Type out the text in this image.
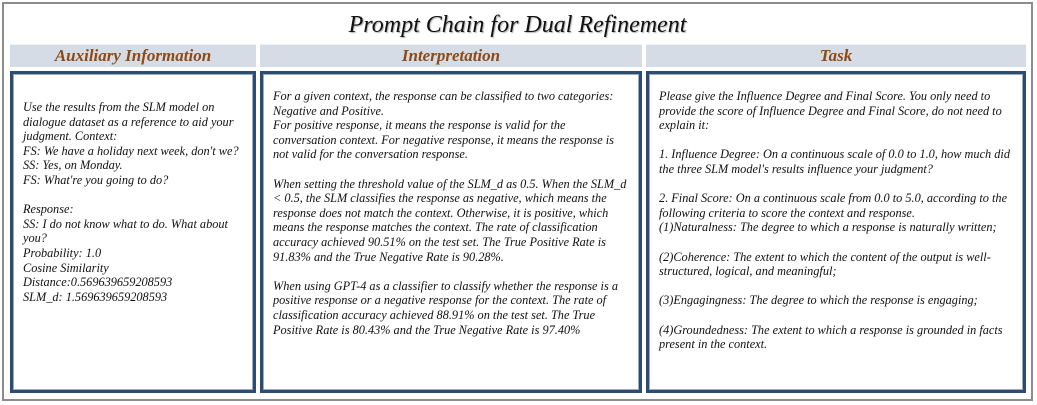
Prompt Chain for Dual Refinement
Auxiliary Information

Use the results from the SLM model on dialogue dataset as a reference to aid your judgment. Context:

FS: We have a holiday next week, don't we?

SS: Yes, on Monday.

FS: What're you going to do?

Response:

SS: I do not know what to do. What about you?

Probability: 1.0

Cosine Similarity Distance:0.569639659208593

SLM_d: 1.569639659208593

Interpretation

For a given context, the response can be classified to two categories: Negative and Positive.

For positive response, it means the response is valid for the conversation context. For negative response, it means the response is not valid for the conversation response.

When setting the threshold value of the SLM_d as 0.5. When the SLM_d < 0.5, the SLM classifies the response as negative, which means the response does not match the context. Otherwise, it is positive, which means the response matches the context. The rate of classification accuracy achieved 90.51% on the test set. The True Positive Rate is 91.83% and the True Negative Rate is 90.28%.

When using GPT-4 as a classifier to classify whether the response is a positive response or a negative response for the context. The rate of classification accuracy achieved 88.91% on the test set. The True Positive Rate is 80.43% and the True Negative Rate is 97.40%

Task

Please give the Influence Degree and Final Score. You only need to provide the score of Influence Degree and Final Score, do not need to explain it:

1. Influence Degree: On a continuous scale of 0.0 to 1.0, how much did the three SLM model's results influence your judgment?

2. Final Score: On a continuous scale from 0.0 to 5.0, according to the following criteria to score the context and response.

(1)Naturalness: The degree to which a response is naturally written;

(2)Coherence: The extent to which the content of the output is well-structured, logical, and meaningful;

(3)Engagingness: The degree to which the response is engaging;

(4)Groundedness: The extent to which a response is grounded in facts present in the context.
